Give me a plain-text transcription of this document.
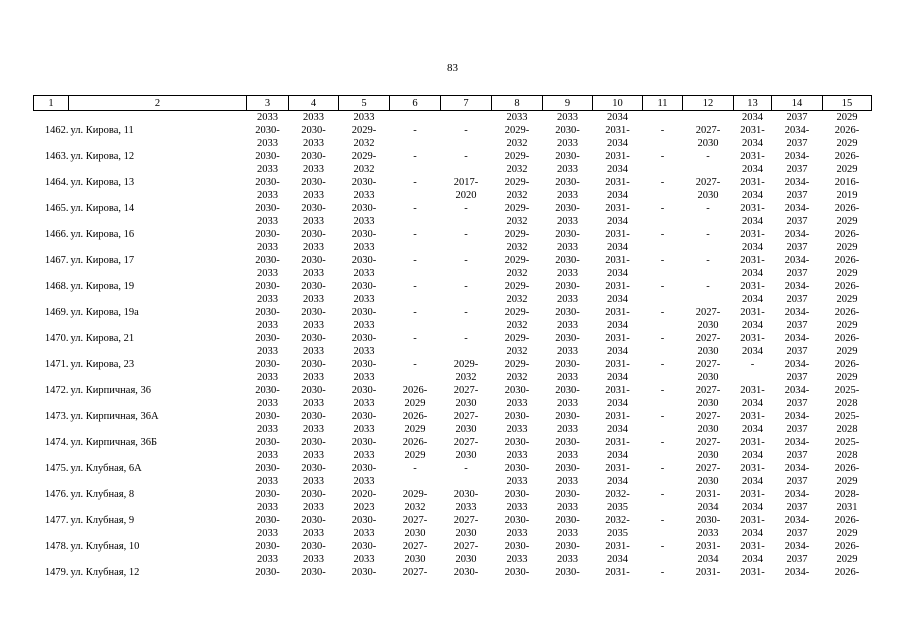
83
1	2	3	4	5	6	7	8	9	10	11	12	13	14	15
		2033	2033	2033			2033	2033	2034			2034	2037	2029
1462.	ул. Кирова, 11	2030-	2030-	2029-	-	-	2029-	2030-	2031-	-	2027-	2031-	2034-	2026-
		2033	2033	2032			2032	2033	2034		2030	2034	2037	2029
1463.	ул. Кирова, 12	2030-	2030-	2029-	-	-	2029-	2030-	2031-	-	-	2031-	2034-	2026-
		2033	2033	2032			2032	2033	2034			2034	2037	2029
1464.	ул. Кирова, 13	2030-	2030-	2030-	-	2017-	2029-	2030-	2031-	-	2027-	2031-	2034-	2016-
		2033	2033	2033		2020	2032	2033	2034		2030	2034	2037	2019
1465.	ул. Кирова, 14	2030-	2030-	2030-	-	-	2029-	2030-	2031-	-	-	2031-	2034-	2026-
		2033	2033	2033			2032	2033	2034			2034	2037	2029
1466.	ул. Кирова, 16	2030-	2030-	2030-	-	-	2029-	2030-	2031-	-	-	2031-	2034-	2026-
		2033	2033	2033			2032	2033	2034			2034	2037	2029
1467.	ул. Кирова, 17	2030-	2030-	2030-	-	-	2029-	2030-	2031-	-	-	2031-	2034-	2026-
		2033	2033	2033			2032	2033	2034			2034	2037	2029
1468.	ул. Кирова, 19	2030-	2030-	2030-	-	-	2029-	2030-	2031-	-	-	2031-	2034-	2026-
		2033	2033	2033			2032	2033	2034			2034	2037	2029
1469.	ул. Кирова, 19а	2030-	2030-	2030-	-	-	2029-	2030-	2031-	-	2027-	2031-	2034-	2026-
		2033	2033	2033			2032	2033	2034		2030	2034	2037	2029
1470.	ул. Кирова, 21	2030-	2030-	2030-	-	-	2029-	2030-	2031-	-	2027-	2031-	2034-	2026-
		2033	2033	2033			2032	2033	2034		2030	2034	2037	2029
1471.	ул. Кирова, 23	2030-	2030-	2030-	-	2029-	2029-	2030-	2031-	-	2027-	-	2034-	2026-
		2033	2033	2033		2032	2032	2033	2034		2030		2037	2029
1472.	ул. Кирпичная, 36	2030-	2030-	2030-	2026-	2027-	2030-	2030-	2031-	-	2027-	2031-	2034-	2025-
		2033	2033	2033	2029	2030	2033	2033	2034		2030	2034	2037	2028
1473.	ул. Кирпичная, 36А	2030-	2030-	2030-	2026-	2027-	2030-	2030-	2031-	-	2027-	2031-	2034-	2025-
		2033	2033	2033	2029	2030	2033	2033	2034		2030	2034	2037	2028
1474.	ул. Кирпичная, 36Б	2030-	2030-	2030-	2026-	2027-	2030-	2030-	2031-	-	2027-	2031-	2034-	2025-
		2033	2033	2033	2029	2030	2033	2033	2034		2030	2034	2037	2028
1475.	ул. Клубная, 6А	2030-	2030-	2030-	-	-	2030-	2030-	2031-	-	2027-	2031-	2034-	2026-
		2033	2033	2033			2033	2033	2034		2030	2034	2037	2029
1476.	ул. Клубная, 8	2030-	2030-	2020-	2029-	2030-	2030-	2030-	2032-	-	2031-	2031-	2034-	2028-
		2033	2033	2023	2032	2033	2033	2033	2035		2034	2034	2037	2031
1477.	ул. Клубная, 9	2030-	2030-	2030-	2027-	2027-	2030-	2030-	2032-	-	2030-	2031-	2034-	2026-
		2033	2033	2033	2030	2030	2033	2033	2035		2033	2034	2037	2029
1478.	ул. Клубная, 10	2030-	2030-	2030-	2027-	2027-	2030-	2030-	2031-	-	2031-	2031-	2034-	2026-
		2033	2033	2033	2030	2030	2033	2033	2034		2034	2034	2037	2029
1479.	ул. Клубная, 12	2030-	2030-	2030-	2027-	2030-	2030-	2030-	2031-	-	2031-	2031-	2034-	2026-
